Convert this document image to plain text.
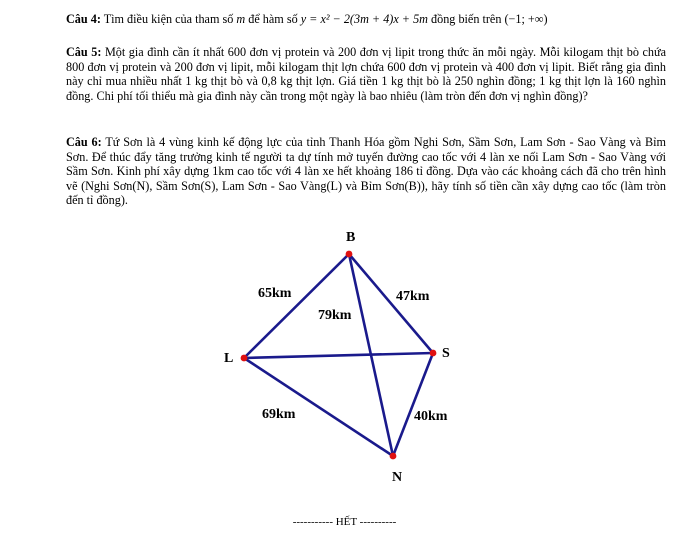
Câu 4: Tìm điều kiện của tham số m để hàm số y = x² − 2(3m + 4)x + 5m đồng biến trên (−1; +∞)
Câu 5: Một gia đình cần ít nhất 600 đơn vị protein và 200 đơn vị lipit trong thức ăn mỗi ngày. Mỗi kilogam thịt bò chứa 800 đơn vị protein và 200 đơn vị lipit, mỗi kilogam thịt lợn chứa 600 đơn vị protein và 400 đơn vị lipit. Biết rằng gia đình này chỉ mua nhiều nhất 1 kg thịt bò và 0,8 kg thịt lợn. Giá tiền 1 kg thịt bò là 250 nghìn đồng; 1 kg thịt lợn là 160 nghìn đồng. Chi phí tối thiểu mà gia đình này cần trong một ngày là bao nhiêu (làm tròn đến đơn vị nghìn đồng)?
Câu 6: Tứ Sơn là 4 vùng kinh kế động lực của tỉnh Thanh Hóa gồm Nghi Sơn, Sầm Sơn, Lam Sơn - Sao Vàng và Bỉm Sơn. Để thúc đẩy tăng trưởng kinh tế người ta dự tính mở tuyến đường cao tốc với 4 làn xe nối Lam Sơn - Sao Vàng với Sầm Sơn. Kinh phí xây dựng 1km cao tốc với 4 làn xe hết khoảng 186 tỉ đồng. Dựa vào các khoảng cách đã cho trên hình vẽ (Nghi Sơn(N), Sầm Sơn(S), Lam Sơn - Sao Vàng(L) và Bỉm Sơn(B)), hãy tính số tiền cần xây dựng cao tốc (làm tròn đến tỉ đồng).
B
L	S
N
65km	47km
79km
69km	40km
----------- HẾT ----------
